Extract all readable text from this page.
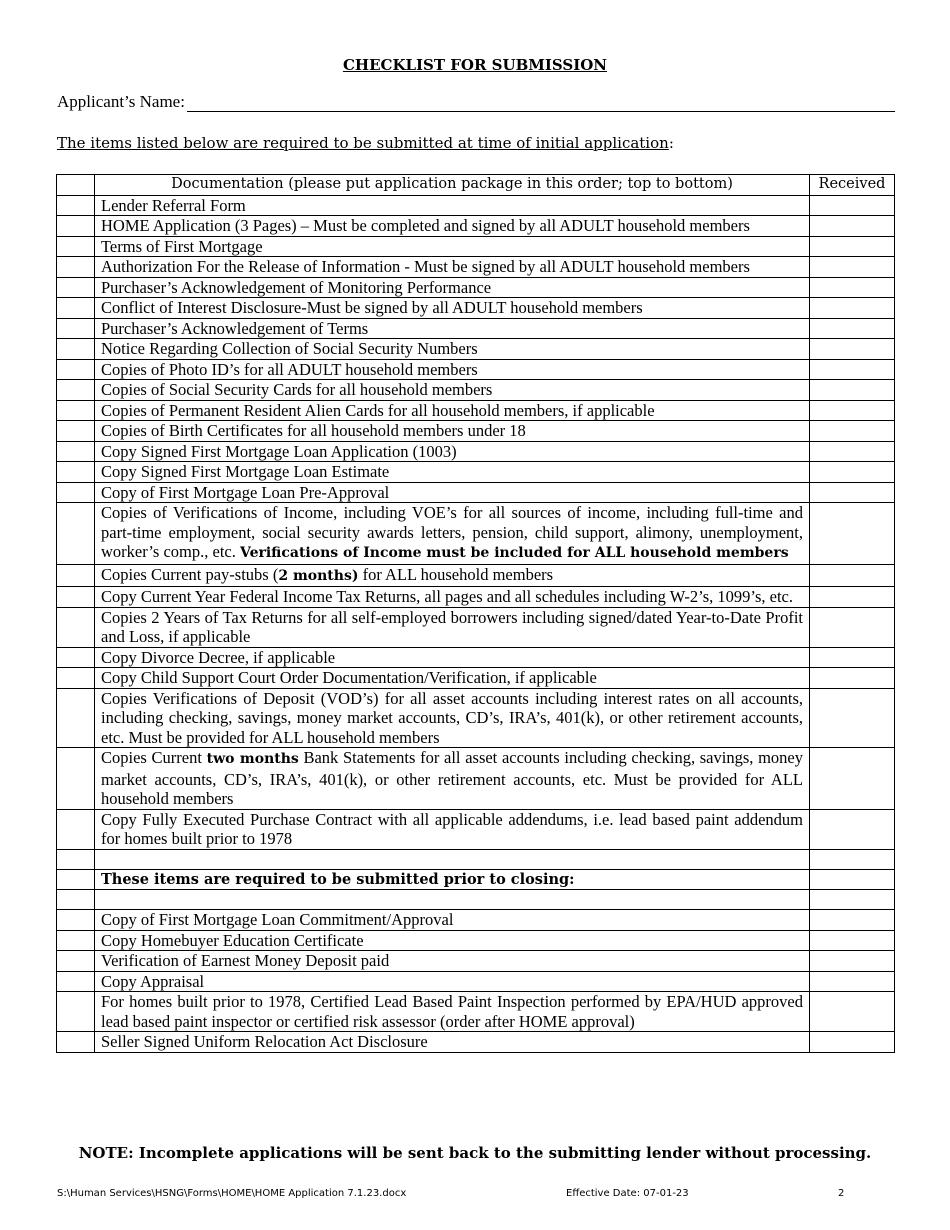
CHECKLIST FOR SUBMISSION
Applicant’s Name:
The items listed below are required to be submitted at time of initial application:
	Documentation (please put application package in this order; top to bottom)	Received
	Lender Referral Form	
	HOME Application (3 Pages) – Must be completed and signed by all ADULT household members	
	Terms of First Mortgage	
	Authorization For the Release of Information - Must be signed by all ADULT household members	
	Purchaser’s Acknowledgement of Monitoring Performance	
	Conflict of Interest Disclosure-Must be signed by all ADULT household members	
	Purchaser’s Acknowledgement of Terms	
	Notice Regarding Collection of Social Security Numbers	
	Copies of Photo ID’s for all ADULT household members	
	Copies of Social Security Cards for all household members	
	Copies of Permanent Resident Alien Cards for all household members, if applicable	
	Copies of Birth Certificates for all household members under 18	
	Copy Signed First Mortgage Loan Application (1003)	
	Copy Signed First Mortgage Loan Estimate	
	Copy of First Mortgage Loan Pre-Approval	
	Copies of Verifications of Income, including VOE’s for all sources of income, including full-time and part-time employment, social security awards letters, pension, child support, alimony, unemployment, worker’s comp., etc. Verifications of Income must be included for ALL household members	
	Copies Current pay-stubs (2 months) for ALL household members	
	Copy Current Year Federal Income Tax Returns, all pages and all schedules including W-2’s, 1099’s, etc.	
	Copies 2 Years of Tax Returns for all self-employed borrowers including signed/dated Year-to-Date Profit and Loss, if applicable	
	Copy Divorce Decree, if applicable	
	Copy Child Support Court Order Documentation/Verification, if applicable	
	Copies Verifications of Deposit (VOD’s) for all asset accounts including interest rates on all accounts, including checking, savings, money market accounts, CD’s, IRA’s, 401(k), or other retirement accounts, etc. Must be provided for ALL household members	
	Copies Current two months Bank Statements for all asset accounts including checking, savings, money market accounts, CD’s, IRA’s, 401(k), or other retirement accounts, etc. Must be provided for ALL household members	
	Copy Fully Executed Purchase Contract with all applicable addendums, i.e. lead based paint addendum for homes built prior to 1978	

	These items are required to be submitted prior to closing:	

	Copy of First Mortgage Loan Commitment/Approval	
	Copy Homebuyer Education Certificate	
	Verification of Earnest Money Deposit paid	
	Copy Appraisal	
	For homes built prior to 1978, Certified Lead Based Paint Inspection performed by EPA/HUD approved lead based paint inspector or certified risk assessor (order after HOME approval)	
	Seller Signed Uniform Relocation Act Disclosure	
NOTE: Incomplete applications will be sent back to the submitting lender without processing.
S:\Human Services\HSNG\Forms\HOME\HOME Application 7.1.23.docx	Effective Date: 07-01-23	2
